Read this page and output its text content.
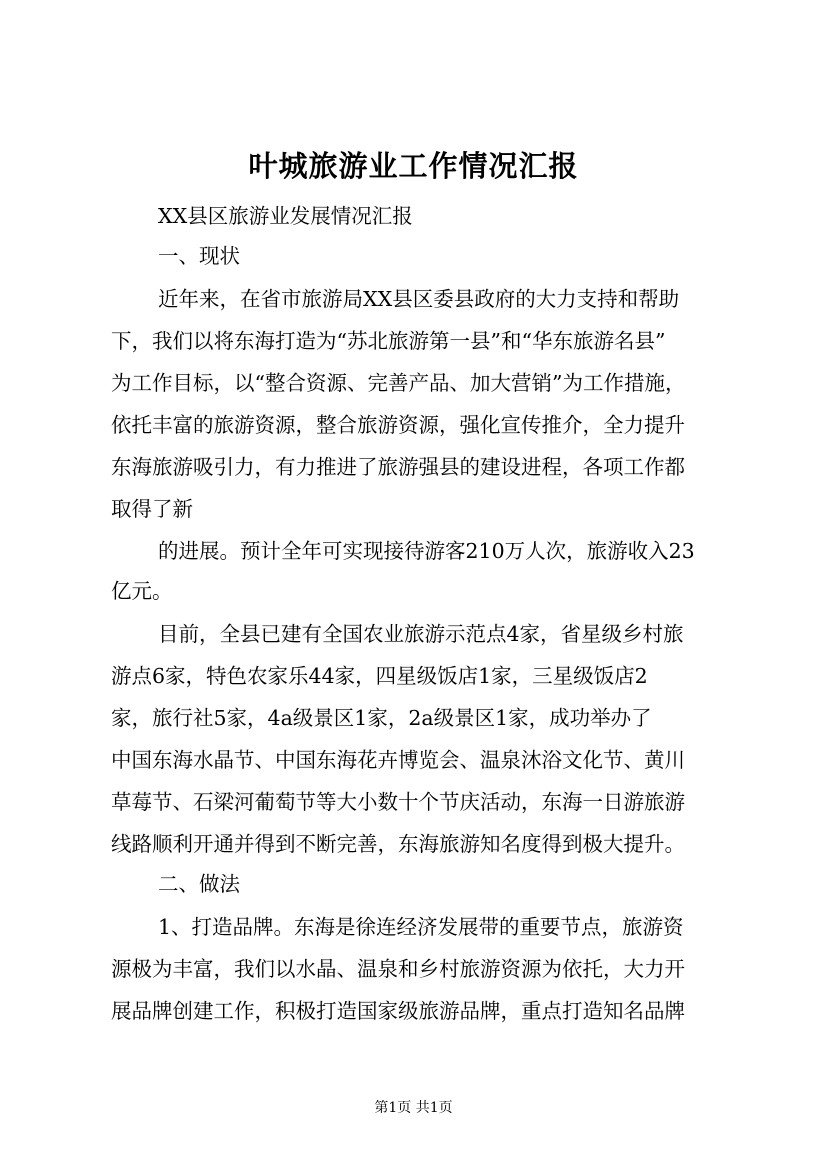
叶城旅游业工作情况汇报
XX县区旅游业发展情况汇报
一、现状
近年来，在省市旅游局XX县区委县政府的大力支持和帮助
下，我们以将东海打造为“苏北旅游第一县”和“华东旅游名县”
为工作目标，以“整合资源、完善产品、加大营销”为工作措施，
依托丰富的旅游资源，整合旅游资源，强化宣传推介，全力提升
东海旅游吸引力，有力推进了旅游强县的建设进程，各项工作都
取得了新
的进展。预计全年可实现接待游客210万人次，旅游收入23
亿元。
目前，全县已建有全国农业旅游示范点4家，省星级乡村旅
游点6家，特色农家乐44家，四星级饭店1家，三星级饭店2
家，旅行社5家，4a级景区1家，2a级景区1家，成功举办了
中国东海水晶节、中国东海花卉博览会、温泉沐浴文化节、黄川
草莓节、石梁河葡萄节等大小数十个节庆活动，东海一日游旅游
线路顺利开通并得到不断完善，东海旅游知名度得到极大提升。
二、做法
1、打造品牌。东海是徐连经济发展带的重要节点，旅游资
源极为丰富，我们以水晶、温泉和乡村旅游资源为依托，大力开
展品牌创建工作，积极打造国家级旅游品牌，重点打造知名品牌
第1页 共1页
